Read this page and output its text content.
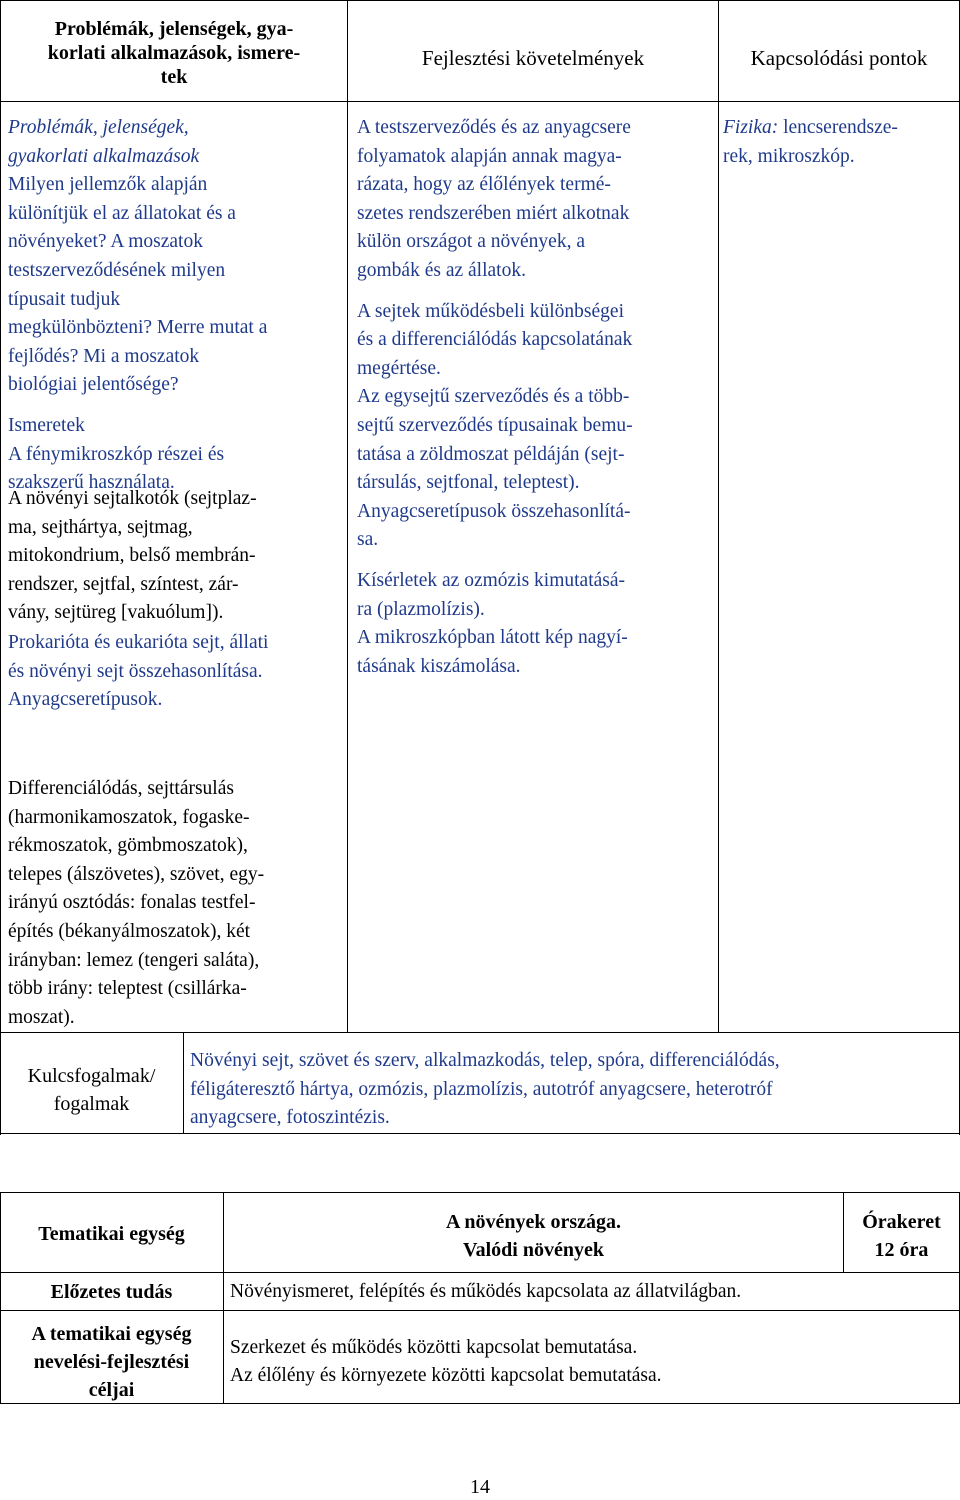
Problémák, jelenségek, gya-
korlati alkalmazások, ismere-
tek
Fejlesztési követelmények	Kapcsolódási pontok
Problémák, jelenségek,
gyakorlati alkalmazások
Milyen jellemzők alapján
különítjük el az állatokat és a
növényeket? A moszatok
testszerveződésének milyen
típusait tudjuk
megkülönbözteni? Merre mutat a
fejlődés? Mi a moszatok
biológiai jelentősége?
Ismeretek
A fénymikroszkóp részei és
szakszerű használata.
A növényi sejtalkotók (sejtplaz-
ma, sejthártya, sejtmag,
mitokondrium, belső membrán-
rendszer, sejtfal, színtest, zár-
vány, sejtüreg [vakuólum]).
Prokarióta és eukarióta sejt, állati
és növényi sejt összehasonlítása.
Anyagcseretípusok.
Differenciálódás, sejttársulás
(harmonikamoszatok, fogaske-
rékmoszatok, gömbmoszatok),
telepes (álszövetes), szövet, egy-
irányú osztódás: fonalas testfel-
építés (békanyálmoszatok), két
irányban: lemez (tengeri saláta),
több irány: teleptest (csillárka-
moszat).
A testszerveződés és az anyagcsere
folyamatok alapján annak magya-
rázata, hogy az élőlények termé-
szetes rendszerében miért alkotnak
külön országot a növények, a
gombák és az állatok.
A sejtek működésbeli különbségei
és a differenciálódás kapcsolatának
megértése.
Az egysejtű szerveződés és a több-
sejtű szerveződés típusainak bemu-
tatása a zöldmoszat példáján (sejt-
társulás, sejtfonal, teleptest).
Anyagcseretípusok összehasonlítá-
sa.
Kísérletek az ozmózis kimutatásá-
ra (plazmolízis).
A mikroszkópban látott kép nagyí-
tásának kiszámolása.
Fizika: lencserendsze-
rek, mikroszkóp.
Kulcsfogalmak/
fogalmak
Növényi sejt, szövet és szerv, alkalmazkodás, telep, spóra, differenciálódás,
féligáteresztő hártya, ozmózis, plazmolízis, autotróf anyagcsere, heterotróf
anyagcsere, fotoszintézis.
Tematikai egység
A növények országa.
Valódi növények
Órakeret
12 óra
Előzetes tudás	Növényismeret, felépítés és működés kapcsolata az állatvilágban.
A tematikai egység
nevelési-fejlesztési
céljai
Szerkezet és működés közötti kapcsolat bemutatása.
Az élőlény és környezete közötti kapcsolat bemutatása.
14
